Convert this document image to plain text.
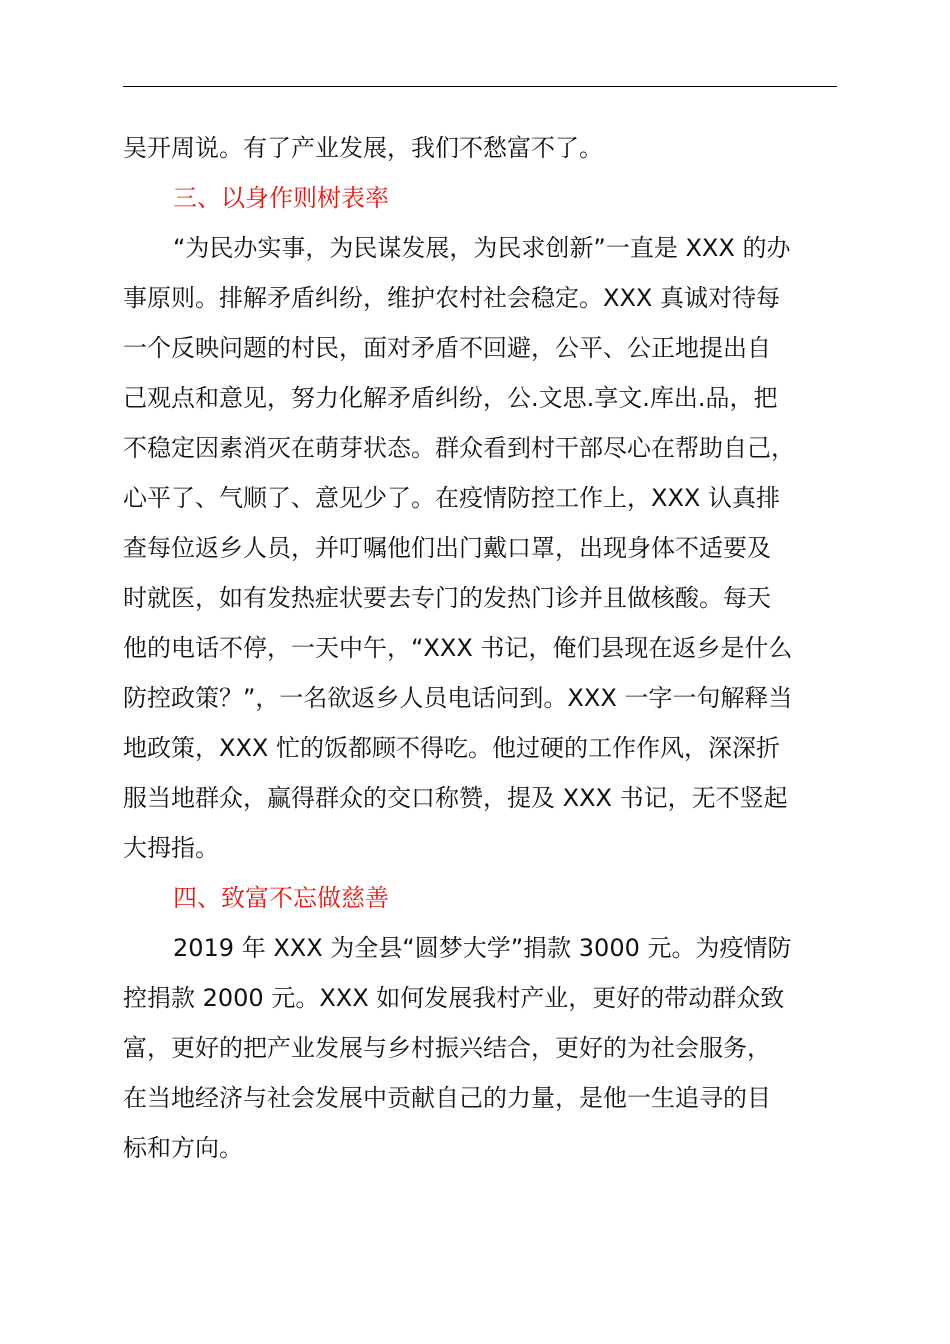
吴开周说。有了产业发展，我们不愁富不了。
三、以身作则树表率
“为民办实事，为民谋发展，为民求创新”一直是 XXX 的办
事原则。排解矛盾纠纷，维护农村社会稳定。XXX 真诚对待每
一个反映问题的村民，面对矛盾不回避，公平、公正地提出自
己观点和意见，努力化解矛盾纠纷，公.文思.享文.库出.品，把
不稳定因素消灭在萌芽状态。群众看到村干部尽心在帮助自己，
心平了、气顺了、意见少了。在疫情防控工作上，XXX 认真排
查每位返乡人员，并叮嘱他们出门戴口罩，出现身体不适要及
时就医，如有发热症状要去专门的发热门诊并且做核酸。每天
他的电话不停，一天中午，“XXX 书记，俺们县现在返乡是什么
防控政策？”，一名欲返乡人员电话问到。XXX 一字一句解释当
地政策，XXX 忙的饭都顾不得吃。他过硬的工作作风，深深折
服当地群众，赢得群众的交口称赞，提及 XXX 书记，无不竖起
大拇指。
四、致富不忘做慈善
2019 年 XXX 为全县“圆梦大学”捐款 3000 元。为疫情防
控捐款 2000 元。XXX 如何发展我村产业，更好的带动群众致
富，更好的把产业发展与乡村振兴结合，更好的为社会服务，
在当地经济与社会发展中贡献自己的力量，是他一生追寻的目
标和方向。
